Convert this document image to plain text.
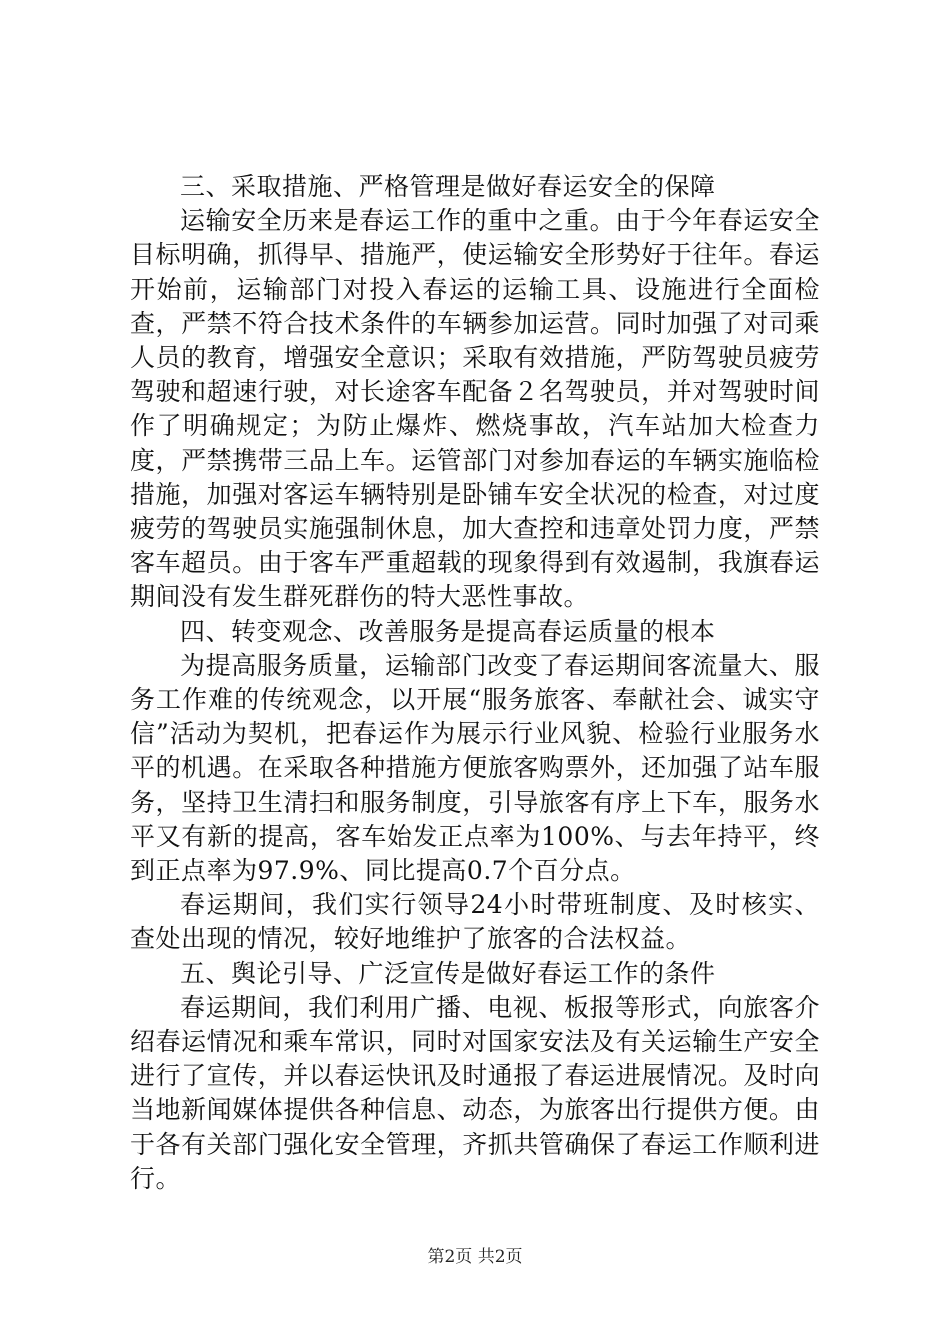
三、采取措施、严格管理是做好春运安全的保障

运输安全历来是春运工作的重中之重。由于今年春运安全目标明确，抓得早、措施严，使运输安全形势好于往年。春运开始前，运输部门对投入春运的运输工具、设施进行全面检查，严禁不符合技术条件的车辆参加运营。同时加强了对司乘人员的教育，增强安全意识；采取有效措施，严防驾驶员疲劳驾驶和超速行驶，对长途客车配备２名驾驶员，并对驾驶时间作了明确规定；为防止爆炸、燃烧事故，汽车站加大检查力度，严禁携带三品上车。运管部门对参加春运的车辆实施临检措施，加强对客运车辆特别是卧铺车安全状况的检查，对过度疲劳的驾驶员实施强制休息，加大查控和违章处罚力度，严禁客车超员。由于客车严重超载的现象得到有效遏制，我旗春运期间没有发生群死群伤的特大恶性事故。

四、转变观念、改善服务是提高春运质量的根本

为提高服务质量，运输部门改变了春运期间客流量大、服务工作难的传统观念，以开展“服务旅客、奉献社会、诚实守信”活动为契机，把春运作为展示行业风貌、检验行业服务水平的机遇。在采取各种措施方便旅客购票外，还加强了站车服务，坚持卫生清扫和服务制度，引导旅客有序上下车，服务水平又有新的提高，客车始发正点率为100%、与去年持平，终到正点率为97.9%、同比提高0.7个百分点。

春运期间，我们实行领导24小时带班制度、及时核实、查处出现的情况，较好地维护了旅客的合法权益。

五、舆论引导、广泛宣传是做好春运工作的条件

春运期间，我们利用广播、电视、板报等形式，向旅客介绍春运情况和乘车常识，同时对国家安法及有关运输生产安全进行了宣传，并以春运快讯及时通报了春运进展情况。及时向当地新闻媒体提供各种信息、动态，为旅客出行提供方便。由于各有关部门强化安全管理，齐抓共管确保了春运工作顺利进行。

第2页 共2页
